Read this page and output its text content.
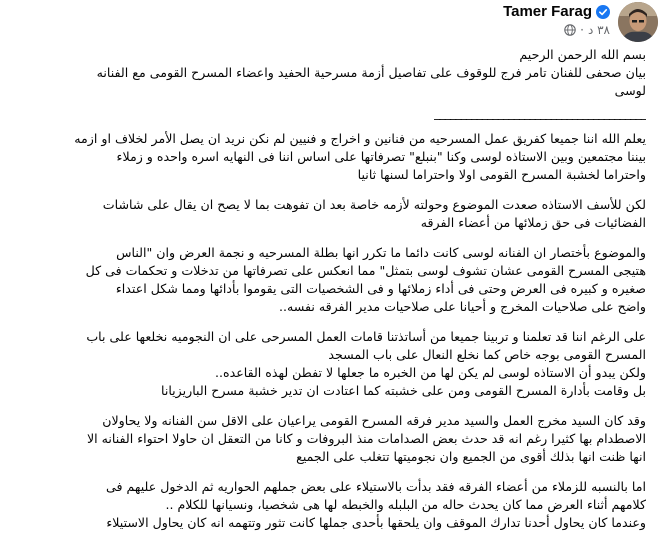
Tamer Farag
٣٨ د
·
بسم الله الرحمن الرحيم
بيان صحفى للفنان تامر فرج للوقوف على تفاصيل أزمة مسرحية الحفيد واعضاء المسرح القومى مع الفنانه
لوسى
________________________________________
يعلم الله اننا جميعا كفريق عمل المسرحيه من فنانين و اخراج و فنيين لم نكن نريد ان يصل الأمر لخلاف او ازمه
بيننا مجتمعين وبين الاستاذه لوسى وكنا "بنبلع" تصرفاتها على اساس اننا فى النهايه اسره واحده و زملاء
واحتراما لخشبة المسرح القومى اولا واحتراما لسنها ثانيا
لكن للأسف الاستاذه صعدت الموضوع وحولته لأزمه خاصة بعد ان تفوهت بما لا يصح ان يقال على شاشات
الفضائيات فى حق زملائها من أعضاء الفرقه
والموضوع بأختصار ان الفنانه لوسى كانت دائما ما تكرر انها بطلة المسرحيه و نجمة العرض وان "الناس
هتيجى المسرح القومى عشان تشوف لوسى بتمثل" مما انعكس على تصرفاتها من تدخلات و تحكمات فى كل
صغيره و كبيره فى العرض وحتى فى أداء زملائها و فى الشخصيات التى يقوموا بأدائها ومما شكل اعتداء
واضح على صلاحيات المخرج و أحيانا على صلاحيات مدير الفرقه نفسه..
على الرغم اننا قد تعلمنا و تربينا جميعا من أساتذتنا قامات العمل المسرحى على ان النجوميه نخلعها على باب
المسرح القومى بوجه خاص كما نخلع النعال على باب المسجد
ولكن يبدو أن الاستاذه لوسى لم يكن لها من الخبره ما جعلها لا تفطن لهذه القاعده..
بل وقامت بأدارة المسرح القومى ومن على خشبته كما اعتادت ان تدير خشبة مسرح الباريزيانا
وقد كان السيد مخرج العمل والسيد مدير فرقه المسرح القومى يراعيان على الاقل سن الفنانه ولا يحاولان
الاصطدام بها كثيرا رغم انه قد حدث بعض الصدامات منذ البروفات و كانا من التعقل ان حاولا احتواء الفنانه الا
انها ظنت انها بذلك أقوى من الجميع وان نجوميتها تتغلب على الجميع
اما بالنسبه للزملاء من أعضاء الفرقه فقد بدأت بالاستيلاء على بعض جملهم الحواريه ثم الدخول عليهم فى
كلامهم أثناء العرض مما كان يحدث حاله من البلبله والخبطه لها هى شخصيا، ونسيانها للكلام ..
وعندما كان يحاول أحدنا تدارك الموقف وان يلحقها بأحدى جملها كانت تثور وتتهمه انه كان يحاول الاستيلاء
